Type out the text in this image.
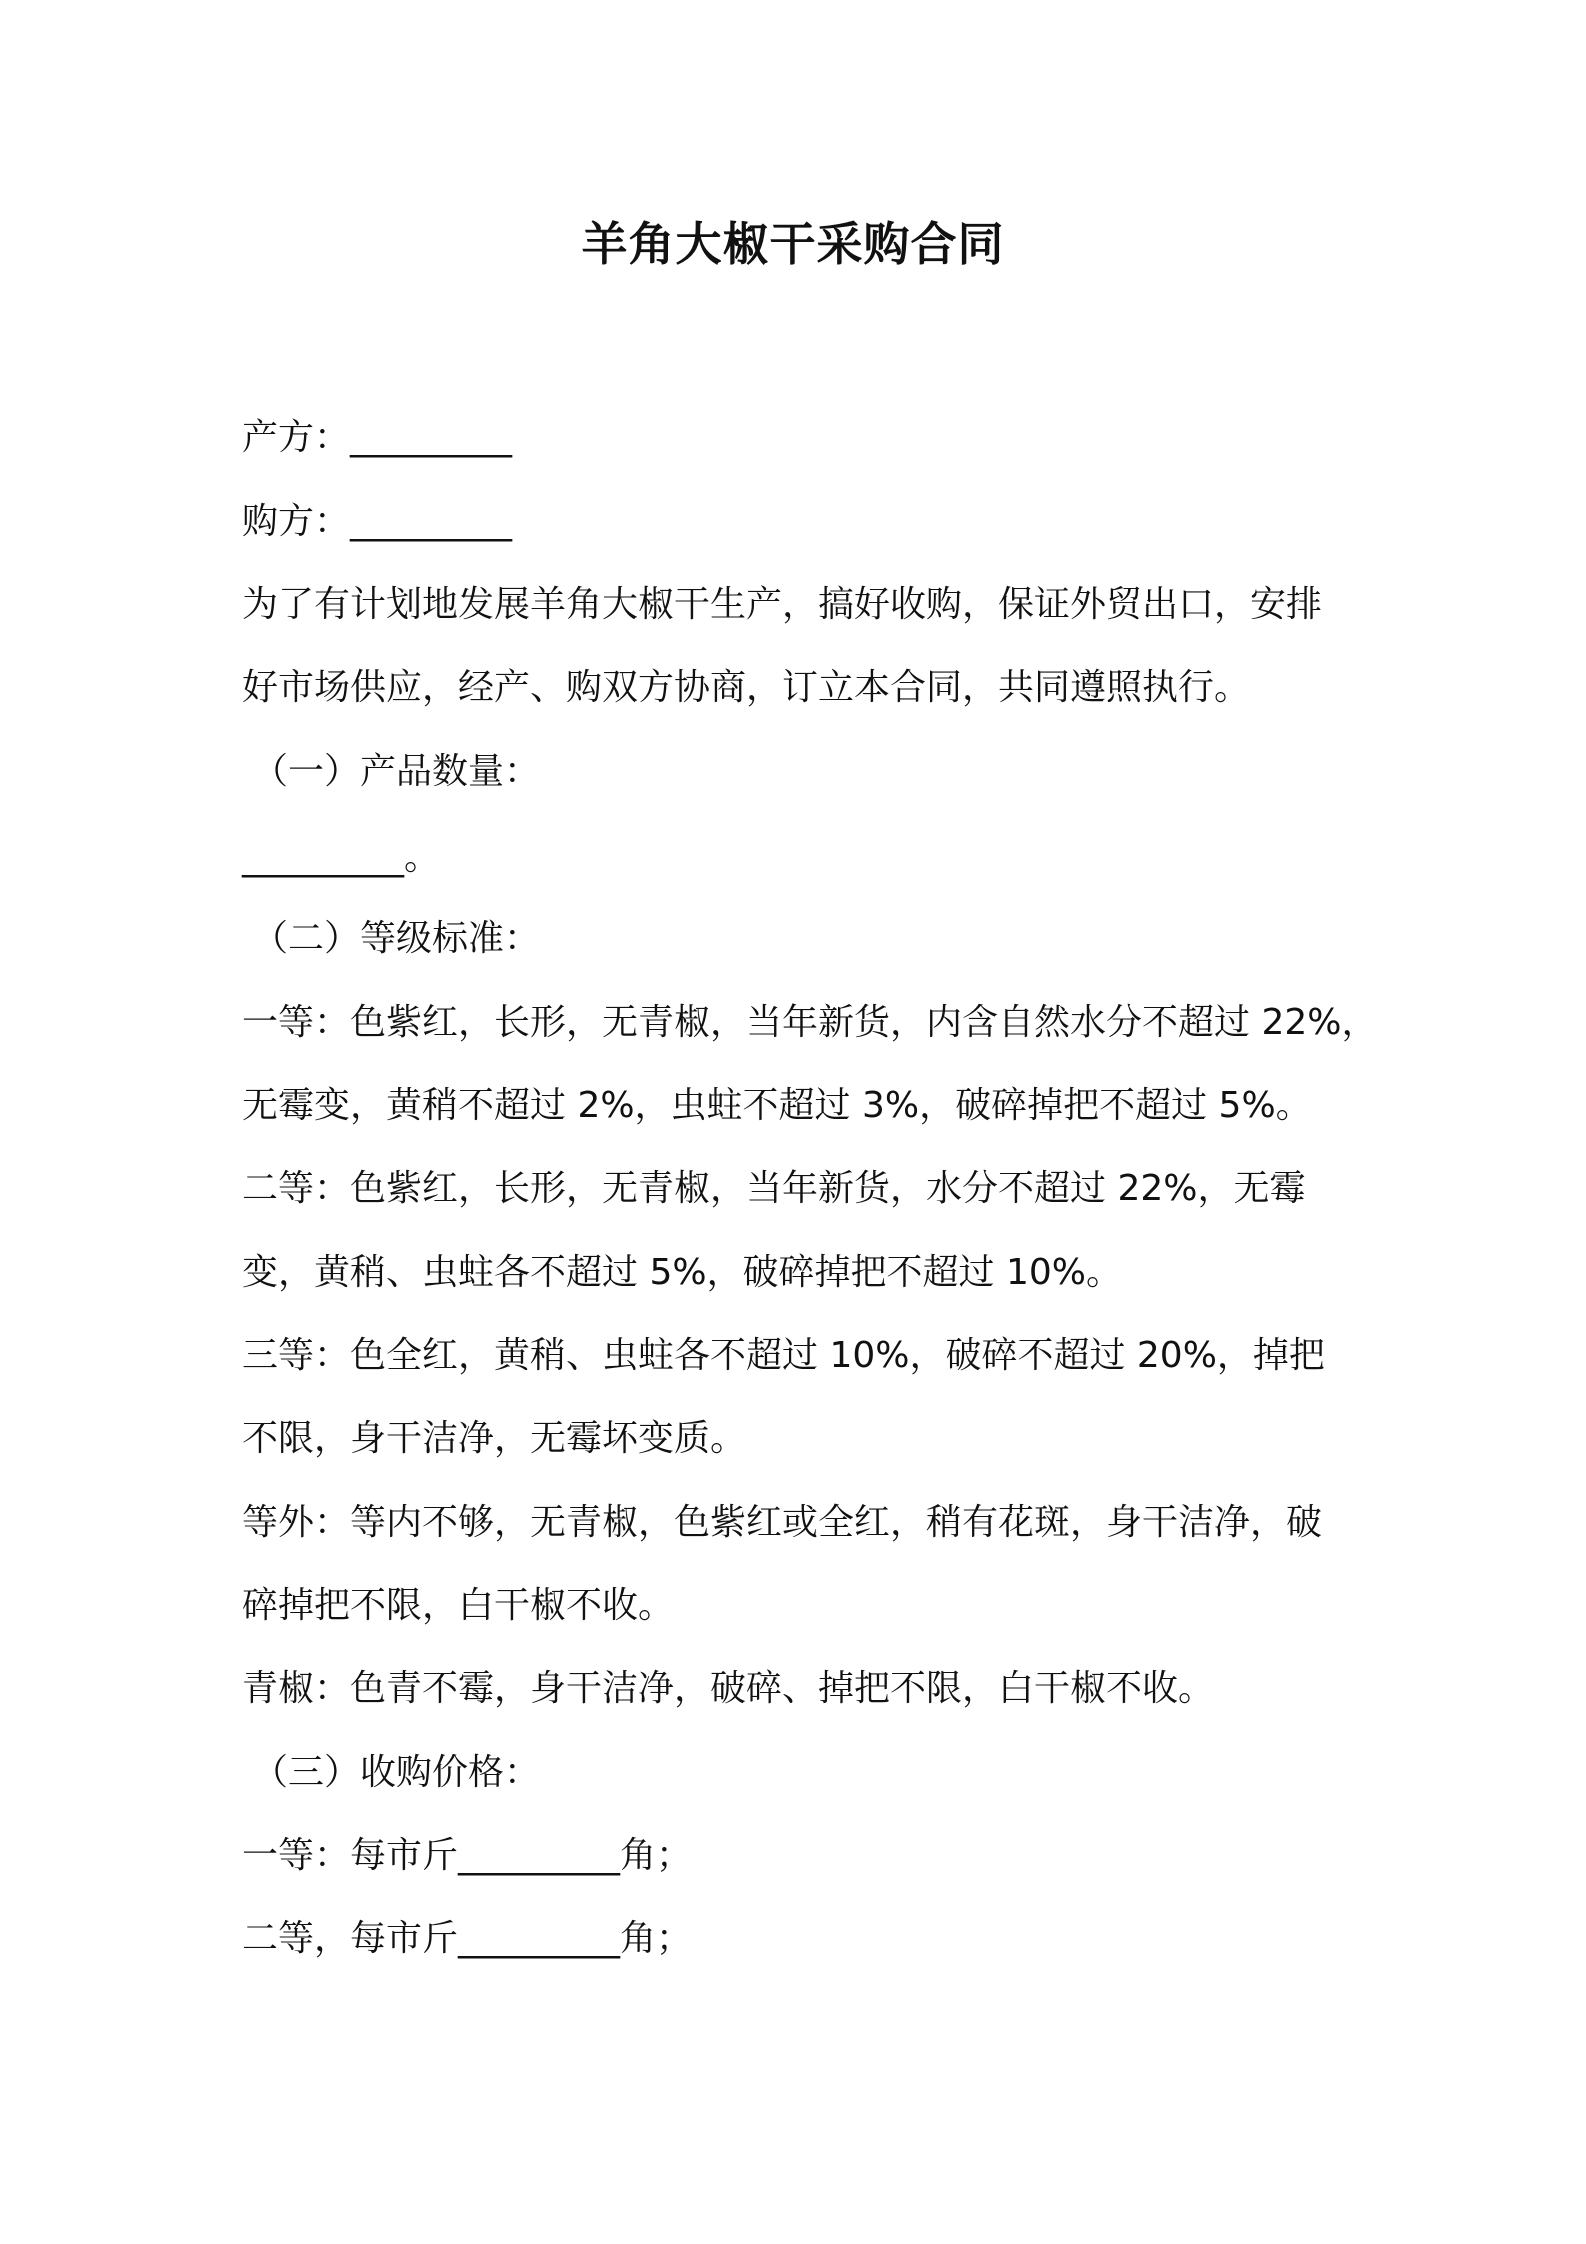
羊角大椒干采购合同
产方：_________
购方：_________
为了有计划地发展羊角大椒干生产，搞好收购，保证外贸出口，安排
好市场供应，经产、购双方协商，订立本合同，共同遵照执行。
（一）产品数量：
_________。
（二）等级标准：
一等：色紫红，长形，无青椒，当年新货，内含自然水分不超过 22%，
无霉变，黄稍不超过 2%，虫蛀不超过 3%，破碎掉把不超过 5%。
二等：色紫红，长形，无青椒，当年新货，水分不超过 22%，无霉
变，黄稍、虫蛀各不超过 5%，破碎掉把不超过 10%。
三等：色全红，黄稍、虫蛀各不超过 10%，破碎不超过 20%，掉把
不限，身干洁净，无霉坏变质。
等外：等内不够，无青椒，色紫红或全红，稍有花斑，身干洁净，破
碎掉把不限，白干椒不收。
青椒：色青不霉，身干洁净，破碎、掉把不限，白干椒不收。
（三）收购价格：
一等：每市斤_________角；
二等，每市斤_________角；
